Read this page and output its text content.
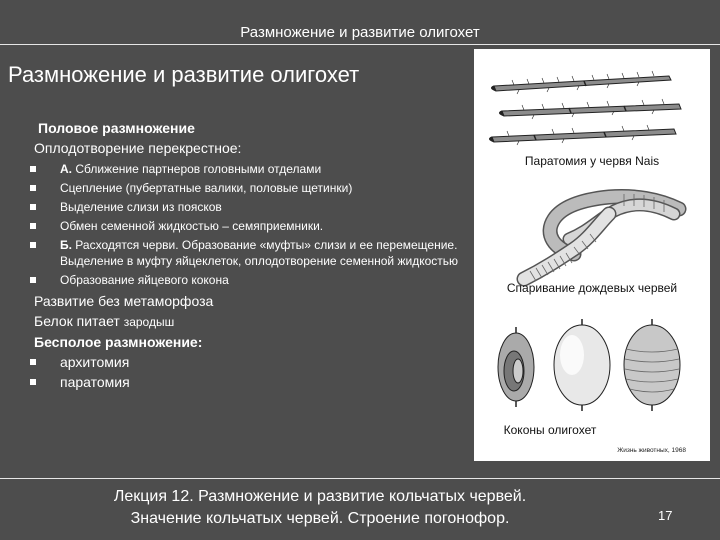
Размножение и развитие олигохет
Размножение и развитие олигохет
Половое размножение
Оплодотворение перекрестное:
А. Сближение партнеров головными отделами
Сцепление (пубертатные валики, половые щетинки)
Выделение слизи из поясков
Обмен семенной жидкостью – семяприемники.
Б. Расходятся черви. Образование «муфты» слизи и ее перемещение. Выделение в муфту яйцеклеток, оплодотворение семенной жидкостью
Образование яйцевого кокона
Развитие без метаморфоза
Белок питает зародыш
Бесполое размножение:
архитомия
паратомия
Паратомия у червя Nais
Спаривание дождевых червей
Коконы олигохет
Жизнь животных, 1968
Лекция 12. Размножение и развитие кольчатых червей.
Значение кольчатых червей. Строение погонофор.	17
